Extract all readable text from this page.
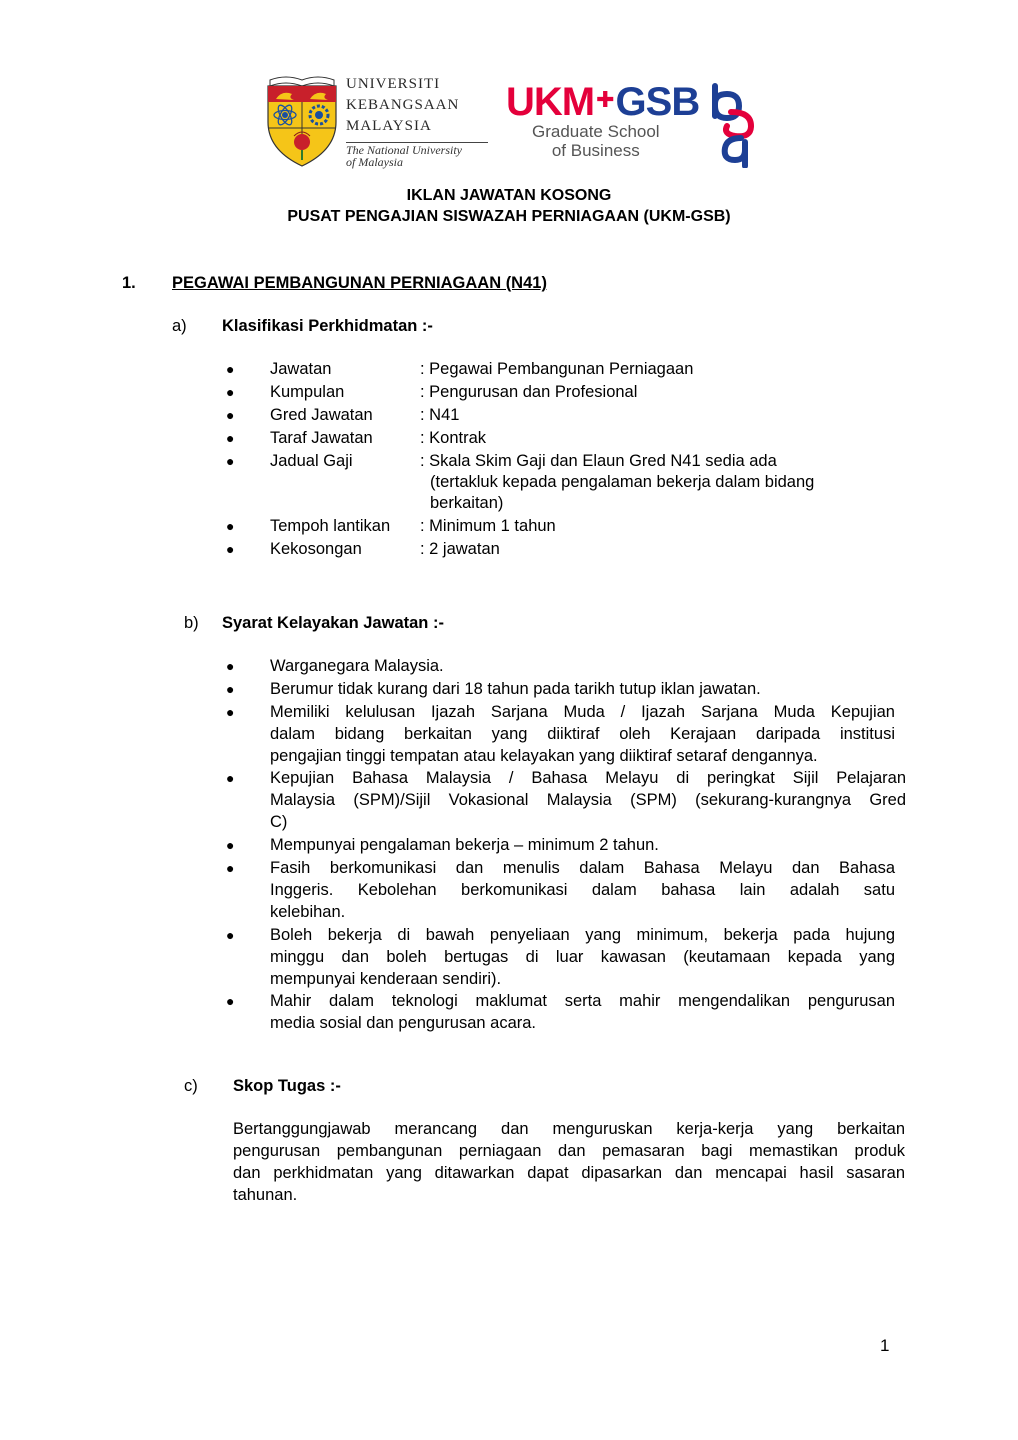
UNIVERSITI
KEBANGSAAN
MALAYSIA
The National University
of Malaysia
UKM✚GSB
Graduate School
of Business
IKLAN JAWATAN KOSONG
PUSAT PENGAJIAN SISWAZAH PERNIAGAAN (UKM-GSB)
1. PEGAWAI PEMBANGUNAN PERNIAGAAN (N41)
a) Klasifikasi Perkhidmatan :-
● Jawatan	: Pegawai Pembangunan Perniagaan
● Kumpulan	: Pengurusan dan Profesional
● Gred Jawatan	: N41
● Taraf Jawatan	: Kontrak
● Jadual Gaji	: Skala Skim Gaji dan Elaun Gred N41 sedia ada
(tertakluk kepada pengalaman bekerja dalam bidang
berkaitan)
● Tempoh lantikan : Minimum 1 tahun
● Kekosongan	: 2 jawatan
b) Syarat Kelayakan Jawatan :-
● Warganegara Malaysia.
● Berumur tidak kurang dari 18 tahun pada tarikh tutup iklan jawatan.
● Memiliki kelulusan Ijazah Sarjana Muda / Ijazah Sarjana Muda Kepujian
dalam bidang berkaitan yang diiktiraf oleh Kerajaan daripada institusi
pengajian tinggi tempatan atau kelayakan yang diiktiraf setaraf dengannya.
● Kepujian Bahasa Malaysia / Bahasa Melayu di peringkat Sijil Pelajaran
Malaysia (SPM)/Sijil Vokasional Malaysia (SPM) (sekurang-kurangnya Gred
C)
● Mempunyai pengalaman bekerja – minimum 2 tahun.
● Fasih berkomunikasi dan menulis dalam Bahasa Melayu dan Bahasa
Inggeris. Kebolehan berkomunikasi dalam bahasa lain adalah satu
kelebihan.
● Boleh bekerja di bawah penyeliaan yang minimum, bekerja pada hujung
minggu dan boleh bertugas di luar kawasan (keutamaan kepada yang
mempunyai kenderaan sendiri).
● Mahir dalam teknologi maklumat serta mahir mengendalikan pengurusan
media sosial dan pengurusan acara.
c) Skop Tugas :-
Bertanggungjawab merancang dan menguruskan kerja-kerja yang berkaitan
pengurusan pembangunan perniagaan dan pemasaran bagi memastikan produk
dan perkhidmatan yang ditawarkan dapat dipasarkan dan mencapai hasil sasaran
tahunan.
1
